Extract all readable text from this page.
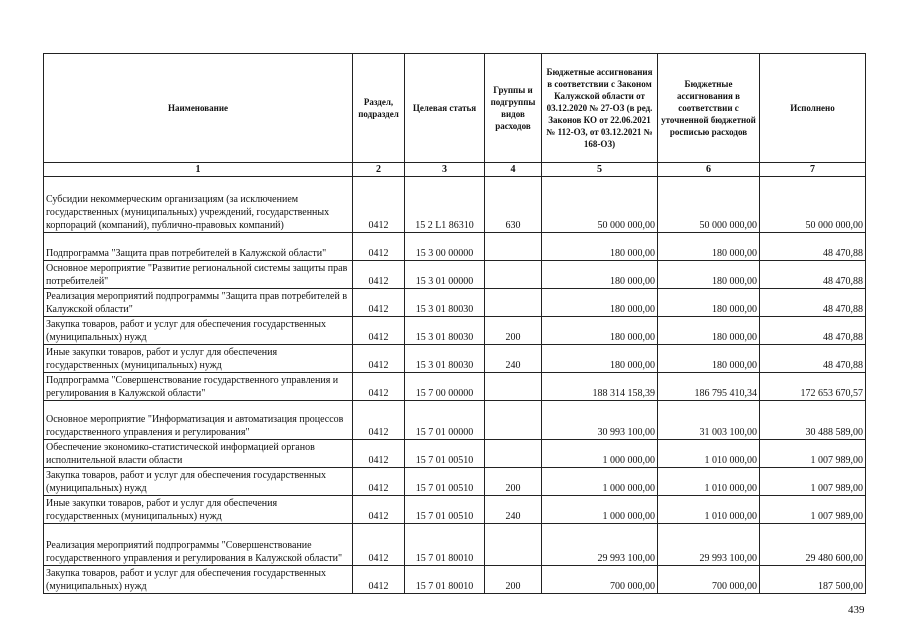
Наименование	Раздел, подраздел	Целевая статья	Группы и подгруппы видов расходов	Бюджетные ассигнования в соответствии с Законом Калужской области от 03.12.2020 № 27-ОЗ (в ред. Законов КО от 22.06.2021 № 112-ОЗ, от 03.12.2021 № 168-ОЗ)	Бюджетные ассигнования в соответствии с уточненной бюджетной росписью расходов	Исполнено
1	2	3	4	5	6	7
Субсидии некоммерческим организациям (за исключением государственных (муниципальных) учреждений, государственных корпораций (компаний), публично-правовых компаний)	0412	15 2 L1 86310	630	50 000 000,00	50 000 000,00	50 000 000,00
Подпрограмма "Защита прав потребителей в Калужской области"	0412	15 3 00 00000		180 000,00	180 000,00	48 470,88
Основное мероприятие "Развитие региональной системы защиты прав потребителей"	0412	15 3 01 00000		180 000,00	180 000,00	48 470,88
Реализация мероприятий подпрограммы "Защита прав потребителей в Калужской области"	0412	15 3 01 80030		180 000,00	180 000,00	48 470,88
Закупка товаров, работ и услуг для обеспечения государственных (муниципальных) нужд	0412	15 3 01 80030	200	180 000,00	180 000,00	48 470,88
Иные закупки товаров, работ и услуг для обеспечения государственных (муниципальных) нужд	0412	15 3 01 80030	240	180 000,00	180 000,00	48 470,88
Подпрограмма "Совершенствование государственного управления и регулирования в Калужской области"	0412	15 7 00 00000		188 314 158,39	186 795 410,34	172 653 670,57
Основное мероприятие "Информатизация и автоматизация процессов государственного управления и регулирования"	0412	15 7 01 00000		30 993 100,00	31 003 100,00	30 488 589,00
Обеспечение экономико-статистической информацией органов исполнительной власти области	0412	15 7 01 00510		1 000 000,00	1 010 000,00	1 007 989,00
Закупка товаров, работ и услуг для обеспечения государственных (муниципальных) нужд	0412	15 7 01 00510	200	1 000 000,00	1 010 000,00	1 007 989,00
Иные закупки товаров, работ и услуг для обеспечения государственных (муниципальных) нужд	0412	15 7 01 00510	240	1 000 000,00	1 010 000,00	1 007 989,00
Реализация мероприятий подпрограммы "Совершенствование государственного управления и регулирования в Калужской области"	0412	15 7 01 80010		29 993 100,00	29 993 100,00	29 480 600,00
Закупка товаров, работ и услуг для обеспечения государственных (муниципальных) нужд	0412	15 7 01 80010	200	700 000,00	700 000,00	187 500,00
439
